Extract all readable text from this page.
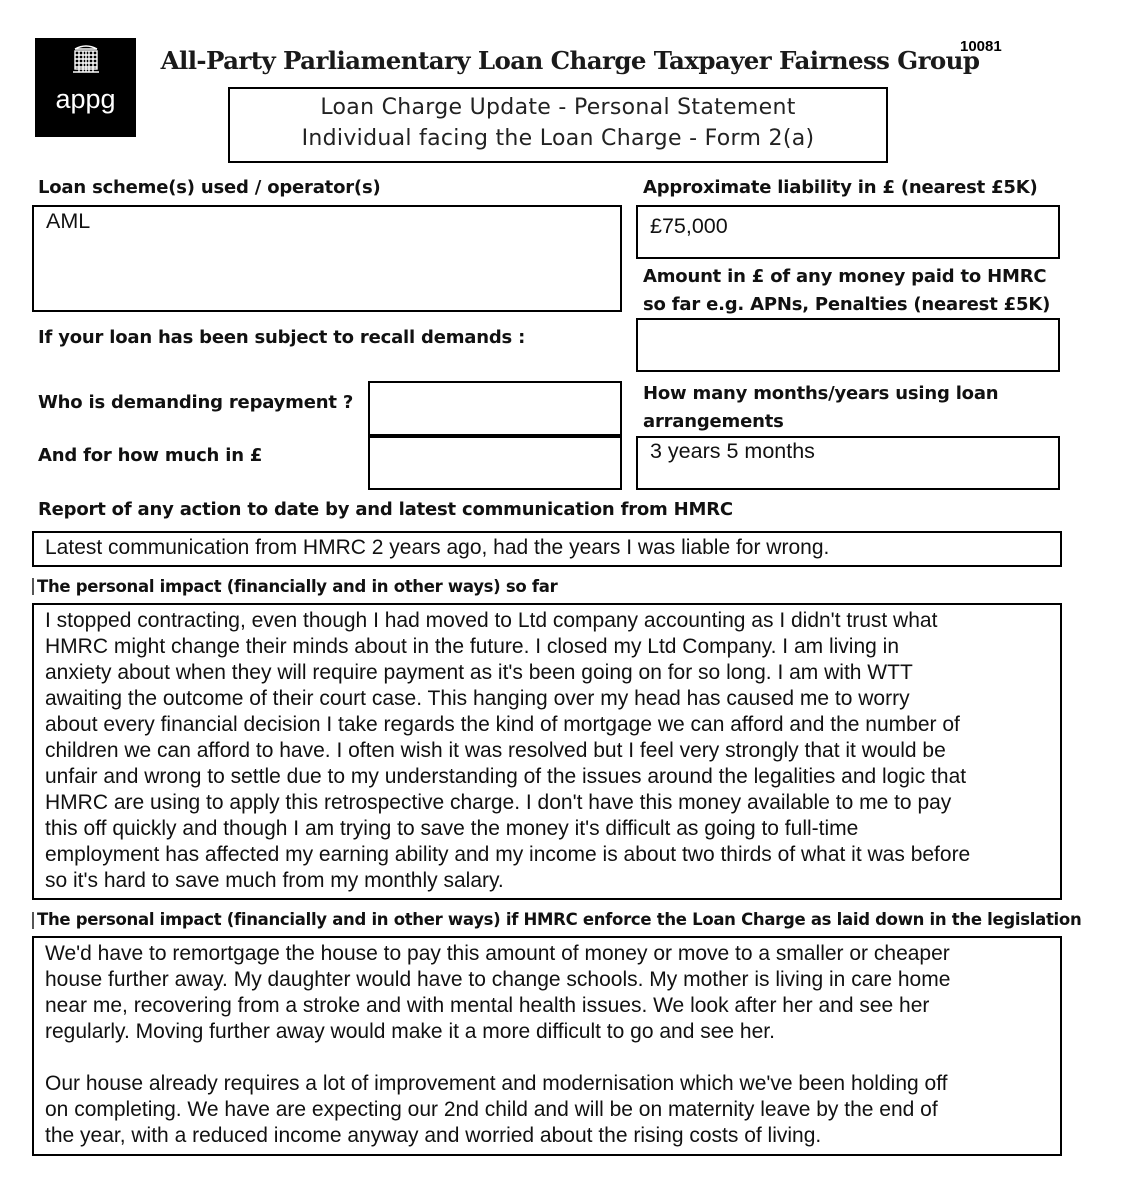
appg
10081
All-Party Parliamentary Loan Charge Taxpayer Fairness Group
Loan Charge Update - Personal Statement
Individual facing the Loan Charge - Form 2(a)
Loan scheme(s) used / operator(s)
AML
If your loan has been subject to recall demands :
Who is demanding repayment ?
And for how much in £
Approximate liability in £ (nearest £5K)
£75,000
Amount in £ of any money paid to HMRC
so far e.g. APNs, Penalties (nearest £5K)
How many months/years using loan
arrangements
3 years 5 months
Report of any action to date by and latest communication from HMRC
Latest communication from HMRC 2 years ago, had the years I was liable for wrong.
The personal impact (financially and in other ways) so far
I stopped contracting, even though I had moved to Ltd company accounting as I didn't trust what
HMRC might change their minds about in the future. I closed my Ltd Company. I am living in
anxiety about when they will require payment as it's been going on for so long. I am with WTT
awaiting the outcome of their court case. This hanging over my head has caused me to worry
about every financial decision I take regards the kind of mortgage we can afford and the number of
children we can afford to have. I often wish it was resolved but I feel very strongly that it would be
unfair and wrong to settle due to my understanding of the issues around the legalities and logic that
HMRC are using to apply this retrospective charge. I don't have this money available to me to pay
this off quickly and though I am trying to save the money it's difficult as going to full-time
employment has affected my earning ability and my income is about two thirds of what it was before
so it's hard to save much from my monthly salary.
The personal impact (financially and in other ways) if HMRC enforce the Loan Charge as laid down in the legislation
We'd have to remortgage the house to pay this amount of money or move to a smaller or cheaper
house further away. My daughter would have to change schools. My mother is living in care home
near me, recovering from a stroke and with mental health issues. We look after her and see her
regularly. Moving further away would make it a more difficult to go and see her.

Our house already requires a lot of improvement and modernisation which we've been holding off
on completing. We have are expecting our 2nd child and will be on maternity leave by the end of
the year, with a reduced income anyway and worried about the rising costs of living.
